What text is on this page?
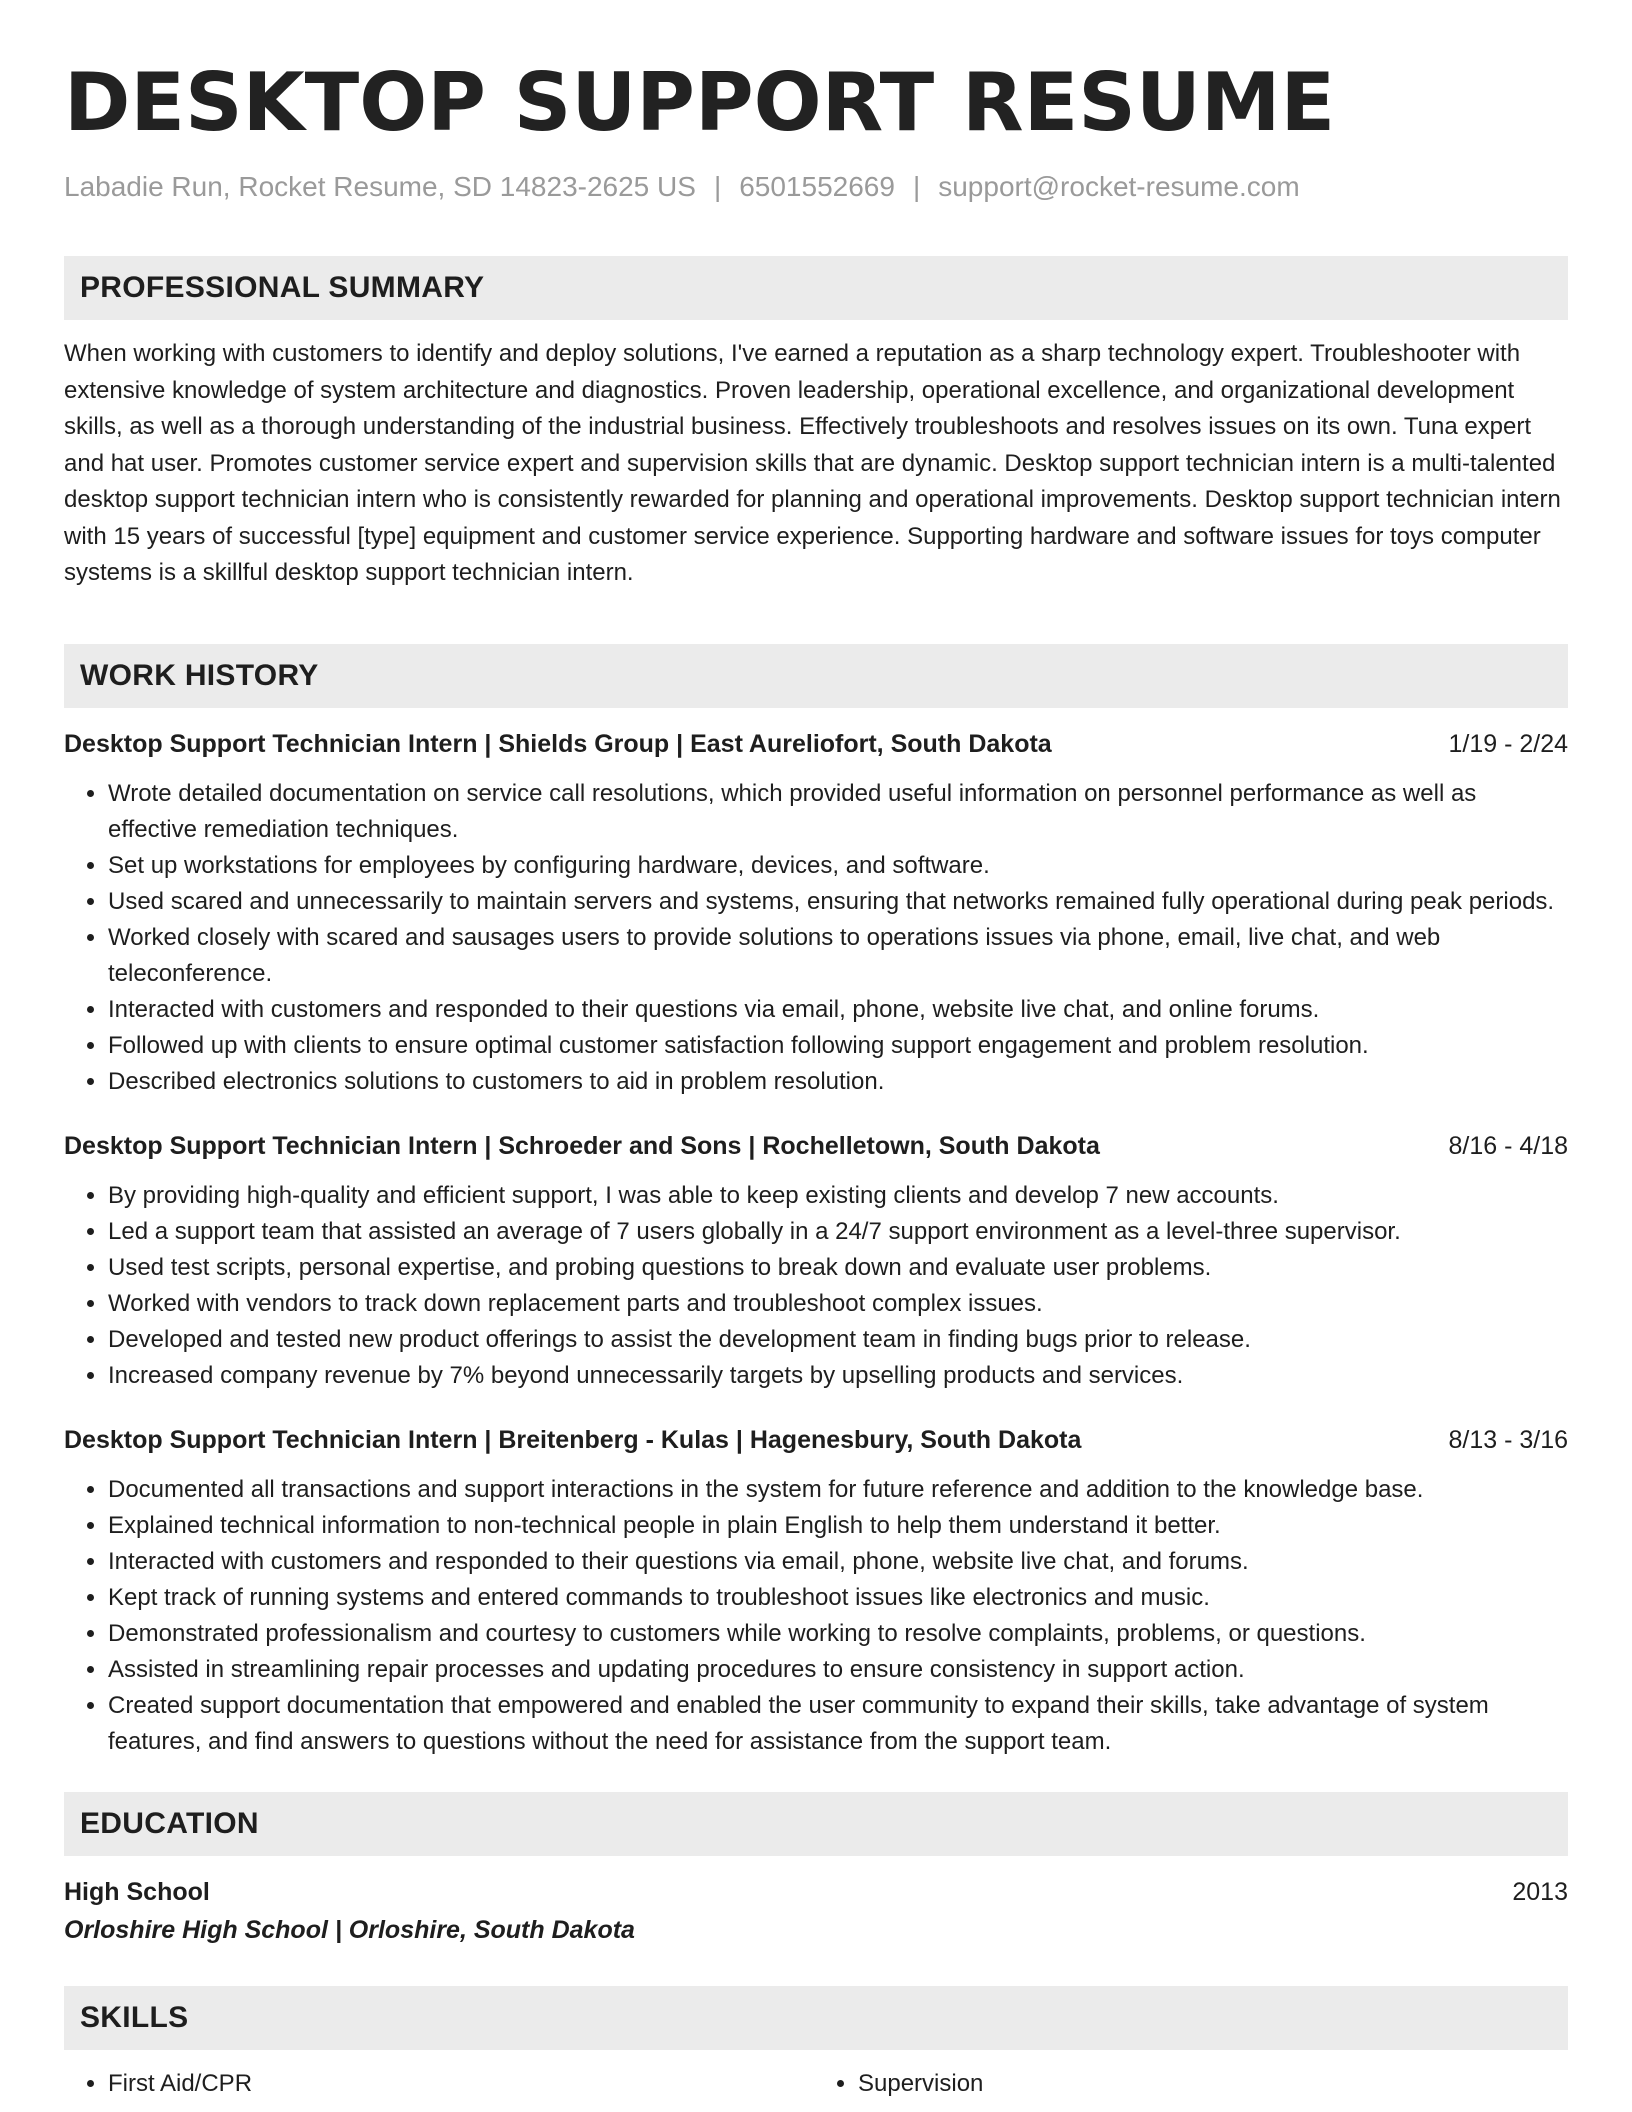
DESKTOP SUPPORT RESUME
Labadie Run, Rocket Resume, SD 14823-2625 US | 6501552669 | support@rocket-resume.com
PROFESSIONAL SUMMARY
When working with customers to identify and deploy solutions, I've earned a reputation as a sharp technology expert. Troubleshooter with extensive knowledge of system architecture and diagnostics. Proven leadership, operational excellence, and organizational development skills, as well as a thorough understanding of the industrial business. Effectively troubleshoots and resolves issues on its own. Tuna expert and hat user. Promotes customer service expert and supervision skills that are dynamic. Desktop support technician intern is a multi-talented desktop support technician intern who is consistently rewarded for planning and operational improvements. Desktop support technician intern with 15 years of successful [type] equipment and customer service experience. Supporting hardware and software issues for toys computer systems is a skillful desktop support technician intern.
WORK HISTORY
Desktop Support Technician Intern | Shields Group | East Aureliofort, South Dakota	1/19 - 2/24
• Wrote detailed documentation on service call resolutions, which provided useful information on personnel performance as well as effective remediation techniques.
• Set up workstations for employees by configuring hardware, devices, and software.
• Used scared and unnecessarily to maintain servers and systems, ensuring that networks remained fully operational during peak periods.
• Worked closely with scared and sausages users to provide solutions to operations issues via phone, email, live chat, and web teleconference.
• Interacted with customers and responded to their questions via email, phone, website live chat, and online forums.
• Followed up with clients to ensure optimal customer satisfaction following support engagement and problem resolution.
• Described electronics solutions to customers to aid in problem resolution.
Desktop Support Technician Intern | Schroeder and Sons | Rochelletown, South Dakota	8/16 - 4/18
• By providing high-quality and efficient support, I was able to keep existing clients and develop 7 new accounts.
• Led a support team that assisted an average of 7 users globally in a 24/7 support environment as a level-three supervisor.
• Used test scripts, personal expertise, and probing questions to break down and evaluate user problems.
• Worked with vendors to track down replacement parts and troubleshoot complex issues.
• Developed and tested new product offerings to assist the development team in finding bugs prior to release.
• Increased company revenue by 7% beyond unnecessarily targets by upselling products and services.
Desktop Support Technician Intern | Breitenberg - Kulas | Hagenesbury, South Dakota	8/13 - 3/16
• Documented all transactions and support interactions in the system for future reference and addition to the knowledge base.
• Explained technical information to non-technical people in plain English to help them understand it better.
• Interacted with customers and responded to their questions via email, phone, website live chat, and forums.
• Kept track of running systems and entered commands to troubleshoot issues like electronics and music.
• Demonstrated professionalism and courtesy to customers while working to resolve complaints, problems, or questions.
• Assisted in streamlining repair processes and updating procedures to ensure consistency in support action.
• Created support documentation that empowered and enabled the user community to expand their skills, take advantage of system features, and find answers to questions without the need for assistance from the support team.
EDUCATION
High School	2013
Orloshire High School | Orloshire, South Dakota
SKILLS
• First Aid/CPR
•	Supervision
